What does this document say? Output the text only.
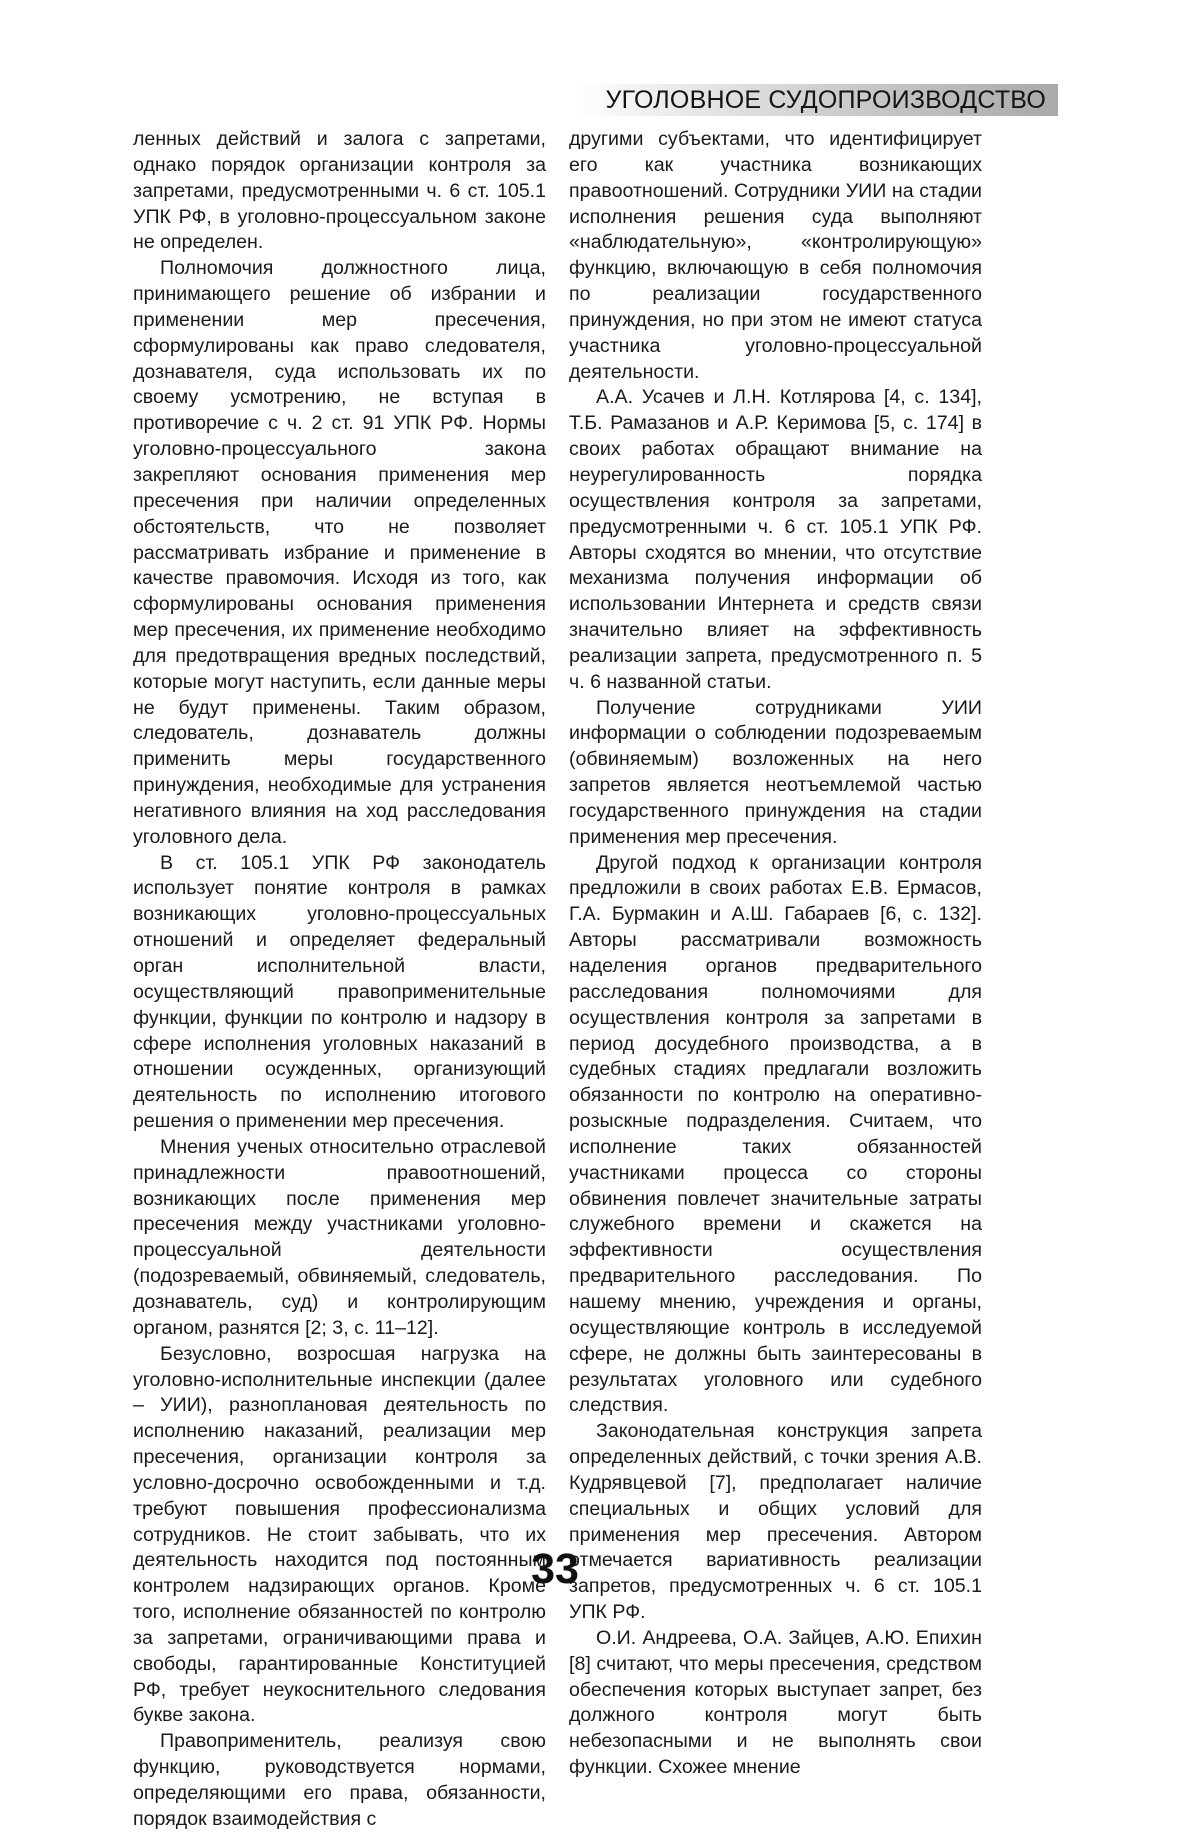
УГОЛОВНОЕ СУДОПРОИЗВОДСТВО

ленных действий и залога с запретами, однако порядок организации контроля за запретами, предусмотренными ч. 6 ст. 105.1 УПК РФ, в уголовно-процессуальном законе не определен.

Полномочия должностного лица, принимающего решение об избрании и применении мер пресечения, сформулированы как право следователя, дознавателя, суда использовать их по своему усмотрению, не вступая в противоречие с ч. 2 ст. 91 УПК РФ. Нормы уголовно-процессуального закона закрепляют основания применения мер пресечения при наличии определенных обстоятельств, что не позволяет рассматривать избрание и применение в качестве правомочия. Исходя из того, как сформулированы основания применения мер пресечения, их применение необходимо для предотвращения вредных последствий, которые могут наступить, если данные меры не будут применены. Таким образом, следователь, дознаватель должны применить меры государственного принуждения, необходимые для устранения негативного влияния на ход расследования уголовного дела.

В ст. 105.1 УПК РФ законодатель использует понятие контроля в рамках возникающих уголовно-процессуальных отношений и определяет федеральный орган исполнительной власти, осуществляющий правоприменительные функции, функции по контролю и надзору в сфере исполнения уголовных наказаний в отношении осужденных, организующий деятельность по исполнению итогового решения о применении мер пресечения.

Мнения ученых относительно отраслевой принадлежности правоотношений, возникающих после применения мер пресечения между участниками уголовно-процессуальной деятельности (подозреваемый, обвиняемый, следователь, дознаватель, суд) и контролирующим органом, разнятся [2; 3, с. 11–12].

Безусловно, возросшая нагрузка на уголовно-исполнительные инспекции (далее – УИИ), разноплановая деятельность по исполнению наказаний, реализации мер пресечения, организации контроля за условно-досрочно освобожденными и т.д. требуют повышения профессионализма сотрудников. Не стоит забывать, что их деятельность находится под постоянным контролем надзирающих органов. Кроме того, исполнение обязанностей по контролю за запретами, ограничивающими права и свободы, гарантированные Конституцией РФ, требует неукоснительного следования букве закона.

Правоприменитель, реализуя свою функцию, руководствуется нормами, определяющими его права, обязанности, порядок взаимодействия с

другими субъектами, что идентифицирует его как участника возникающих правоотношений. Сотрудники УИИ на стадии исполнения решения суда выполняют «наблюдательную», «контролирующую» функцию, включающую в себя полномочия по реализации государственного принуждения, но при этом не имеют статуса участника уголовно-процессуальной деятельности.

А.А. Усачев и Л.Н. Котлярова [4, с. 134], Т.Б. Рамазанов и А.Р. Керимова [5, с. 174] в своих работах обращают внимание на неурегулированность порядка осуществления контроля за запретами, предусмотренными ч. 6 ст. 105.1 УПК РФ. Авторы сходятся во мнении, что отсутствие механизма получения информации об использовании Интернета и средств связи значительно влияет на эффективность реализации запрета, предусмотренного п. 5 ч. 6 названной статьи.

Получение сотрудниками УИИ информации о соблюдении подозреваемым (обвиняемым) возложенных на него запретов является неотъемлемой частью государственного принуждения на стадии применения мер пресечения.

Другой подход к организации контроля предложили в своих работах Е.В. Ермасов, Г.А. Бурмакин и А.Ш. Габараев [6, с. 132]. Авторы рассматривали возможность наделения органов предварительного расследования полномочиями для осуществления контроля за запретами в период досудебного производства, а в судебных стадиях предлагали возложить обязанности по контролю на оперативно-розыскные подразделения. Считаем, что исполнение таких обязанностей участниками процесса со стороны обвинения повлечет значительные затраты служебного времени и скажется на эффективности осуществления предварительного расследования. По нашему мнению, учреждения и органы, осуществляющие контроль в исследуемой сфере, не должны быть заинтересованы в результатах уголовного или судебного следствия.

Законодательная конструкция запрета определенных действий, с точки зрения А.В. Кудрявцевой [7], предполагает наличие специальных и общих условий для применения мер пресечения. Автором отмечается вариативность реализации запретов, предусмотренных ч. 6 ст. 105.1 УПК РФ.

О.И. Андреева, О.А. Зайцев, А.Ю. Епихин [8] считают, что меры пресечения, средством обеспечения которых выступает запрет, без должного контроля могут быть небезопасными и не выполнять свои функции. Схожее мнение

33
